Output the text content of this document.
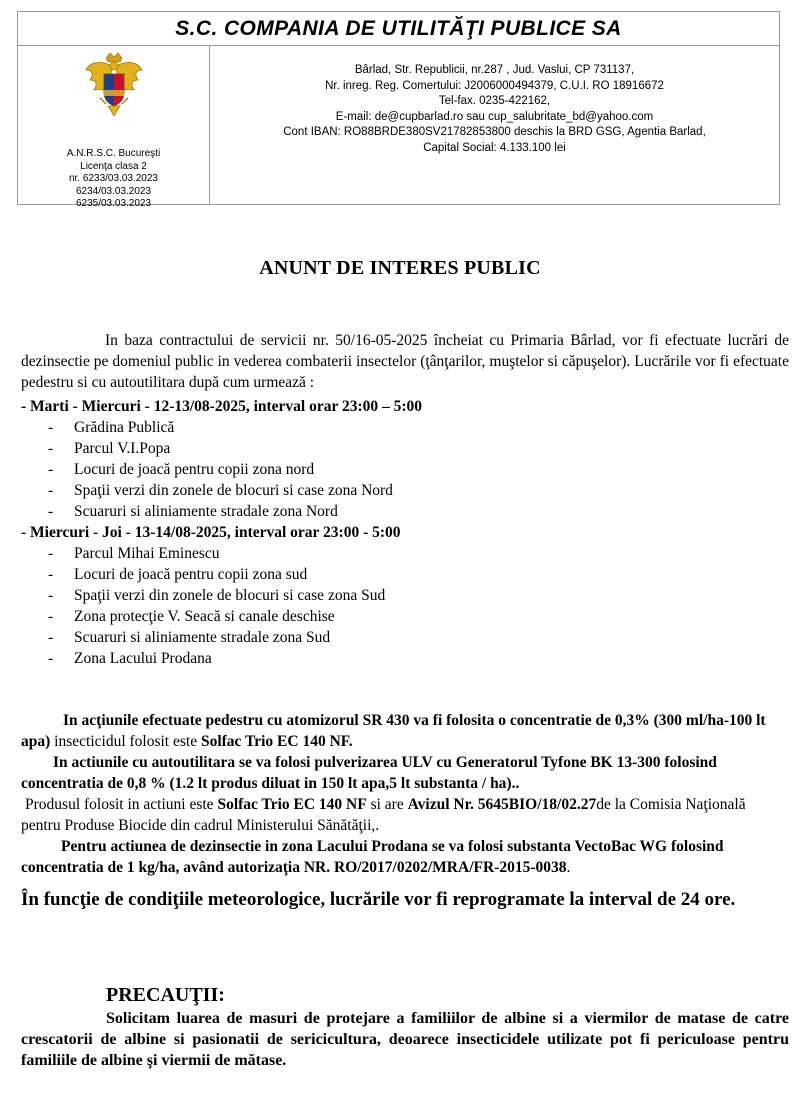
S.C. COMPANIA DE UTILITĂŢI PUBLICE SA
A.N.R.S.C. Bucureşti
Licenţa clasa 2
nr. 6233/03.03.2023
6234/03.03.2023
6235/03.03.2023
Bârlad, Str. Republicii, nr.287 , Jud. Vaslui, CP 731137,
Nr. inreg. Reg. Comertului: J2006000494379, C.U.I. RO 18916672
Tel-fax. 0235-422162,
E-mail: de@cupbarlad.ro sau cup_salubritate_bd@yahoo.com
Cont IBAN: RO88BRDE380SV21782853800 deschis la BRD GSG, Agentia Barlad,
Capital Social: 4.133.100 lei
ANUNT DE INTERES PUBLIC
In baza contractului de servicii nr. 50/16-05-2025 încheiat cu Primaria Bârlad, vor fi efectuate lucrări de dezinsectie pe domeniul public in vederea combaterii insectelor (ţânţarilor, muştelor si căpuşelor). Lucrările vor fi efectuate pedestru si cu autoutilitara după cum urmează :
- Marti - Miercuri - 12-13/08-2025, interval orar 23:00 – 5:00
- Grădina Publică
- Parcul V.I.Popa
- Locuri de joacă pentru copii zona nord
- Spaţii verzi din zonele de blocuri si case zona Nord
- Scuaruri si aliniamente stradale zona Nord
- Miercuri - Joi - 13-14/08-2025, interval orar 23:00 - 5:00
- Parcul Mihai Eminescu
- Locuri de joacă pentru copii zona sud
- Spaţii verzi din zonele de blocuri si case zona Sud
- Zona protecţie V. Seacă si canale deschise
- Scuaruri si aliniamente stradale zona Sud
- Zona Lacului Prodana

In acţiunile efectuate pedestru cu atomizorul SR 430 va fi folosita o concentratie de 0,3% (300 ml/ha-100 lt apa) insecticidul folosit este Solfac Trio EC 140 NF.

In actiunile cu autoutilitara se va folosi pulverizarea ULV cu Generatorul Tyfone BK 13-300 folosind concentratia de 0,8 % (1.2 lt produs diluat in 150 lt apa,5 lt substanta / ha)..

Produsul folosit in actiuni este Solfac Trio EC 140 NF si are Avizul Nr. 5645BIO/18/02.27de la Comisia Naţională pentru Produse Biocide din cadrul Ministerului Sănătăţii,.

Pentru actiunea de dezinsectie in zona Lacului Prodana se va folosi substanta VectoBac WG folosind concentratia de 1 kg/ha, având autorizaţia NR. RO/2017/0202/MRA/FR-2015-0038.

În funcţie de condiţiile meteorologice, lucrările vor fi reprogramate la interval de 24 ore.
PRECAUŢII:
Solicitam luarea de masuri de protejare a familiilor de albine si a viermilor de matase de catre crescatorii de albine si pasionatii de sericicultura, deoarece insecticidele utilizate pot fi periculoase pentru familiile de albine şi viermii de mătase.
